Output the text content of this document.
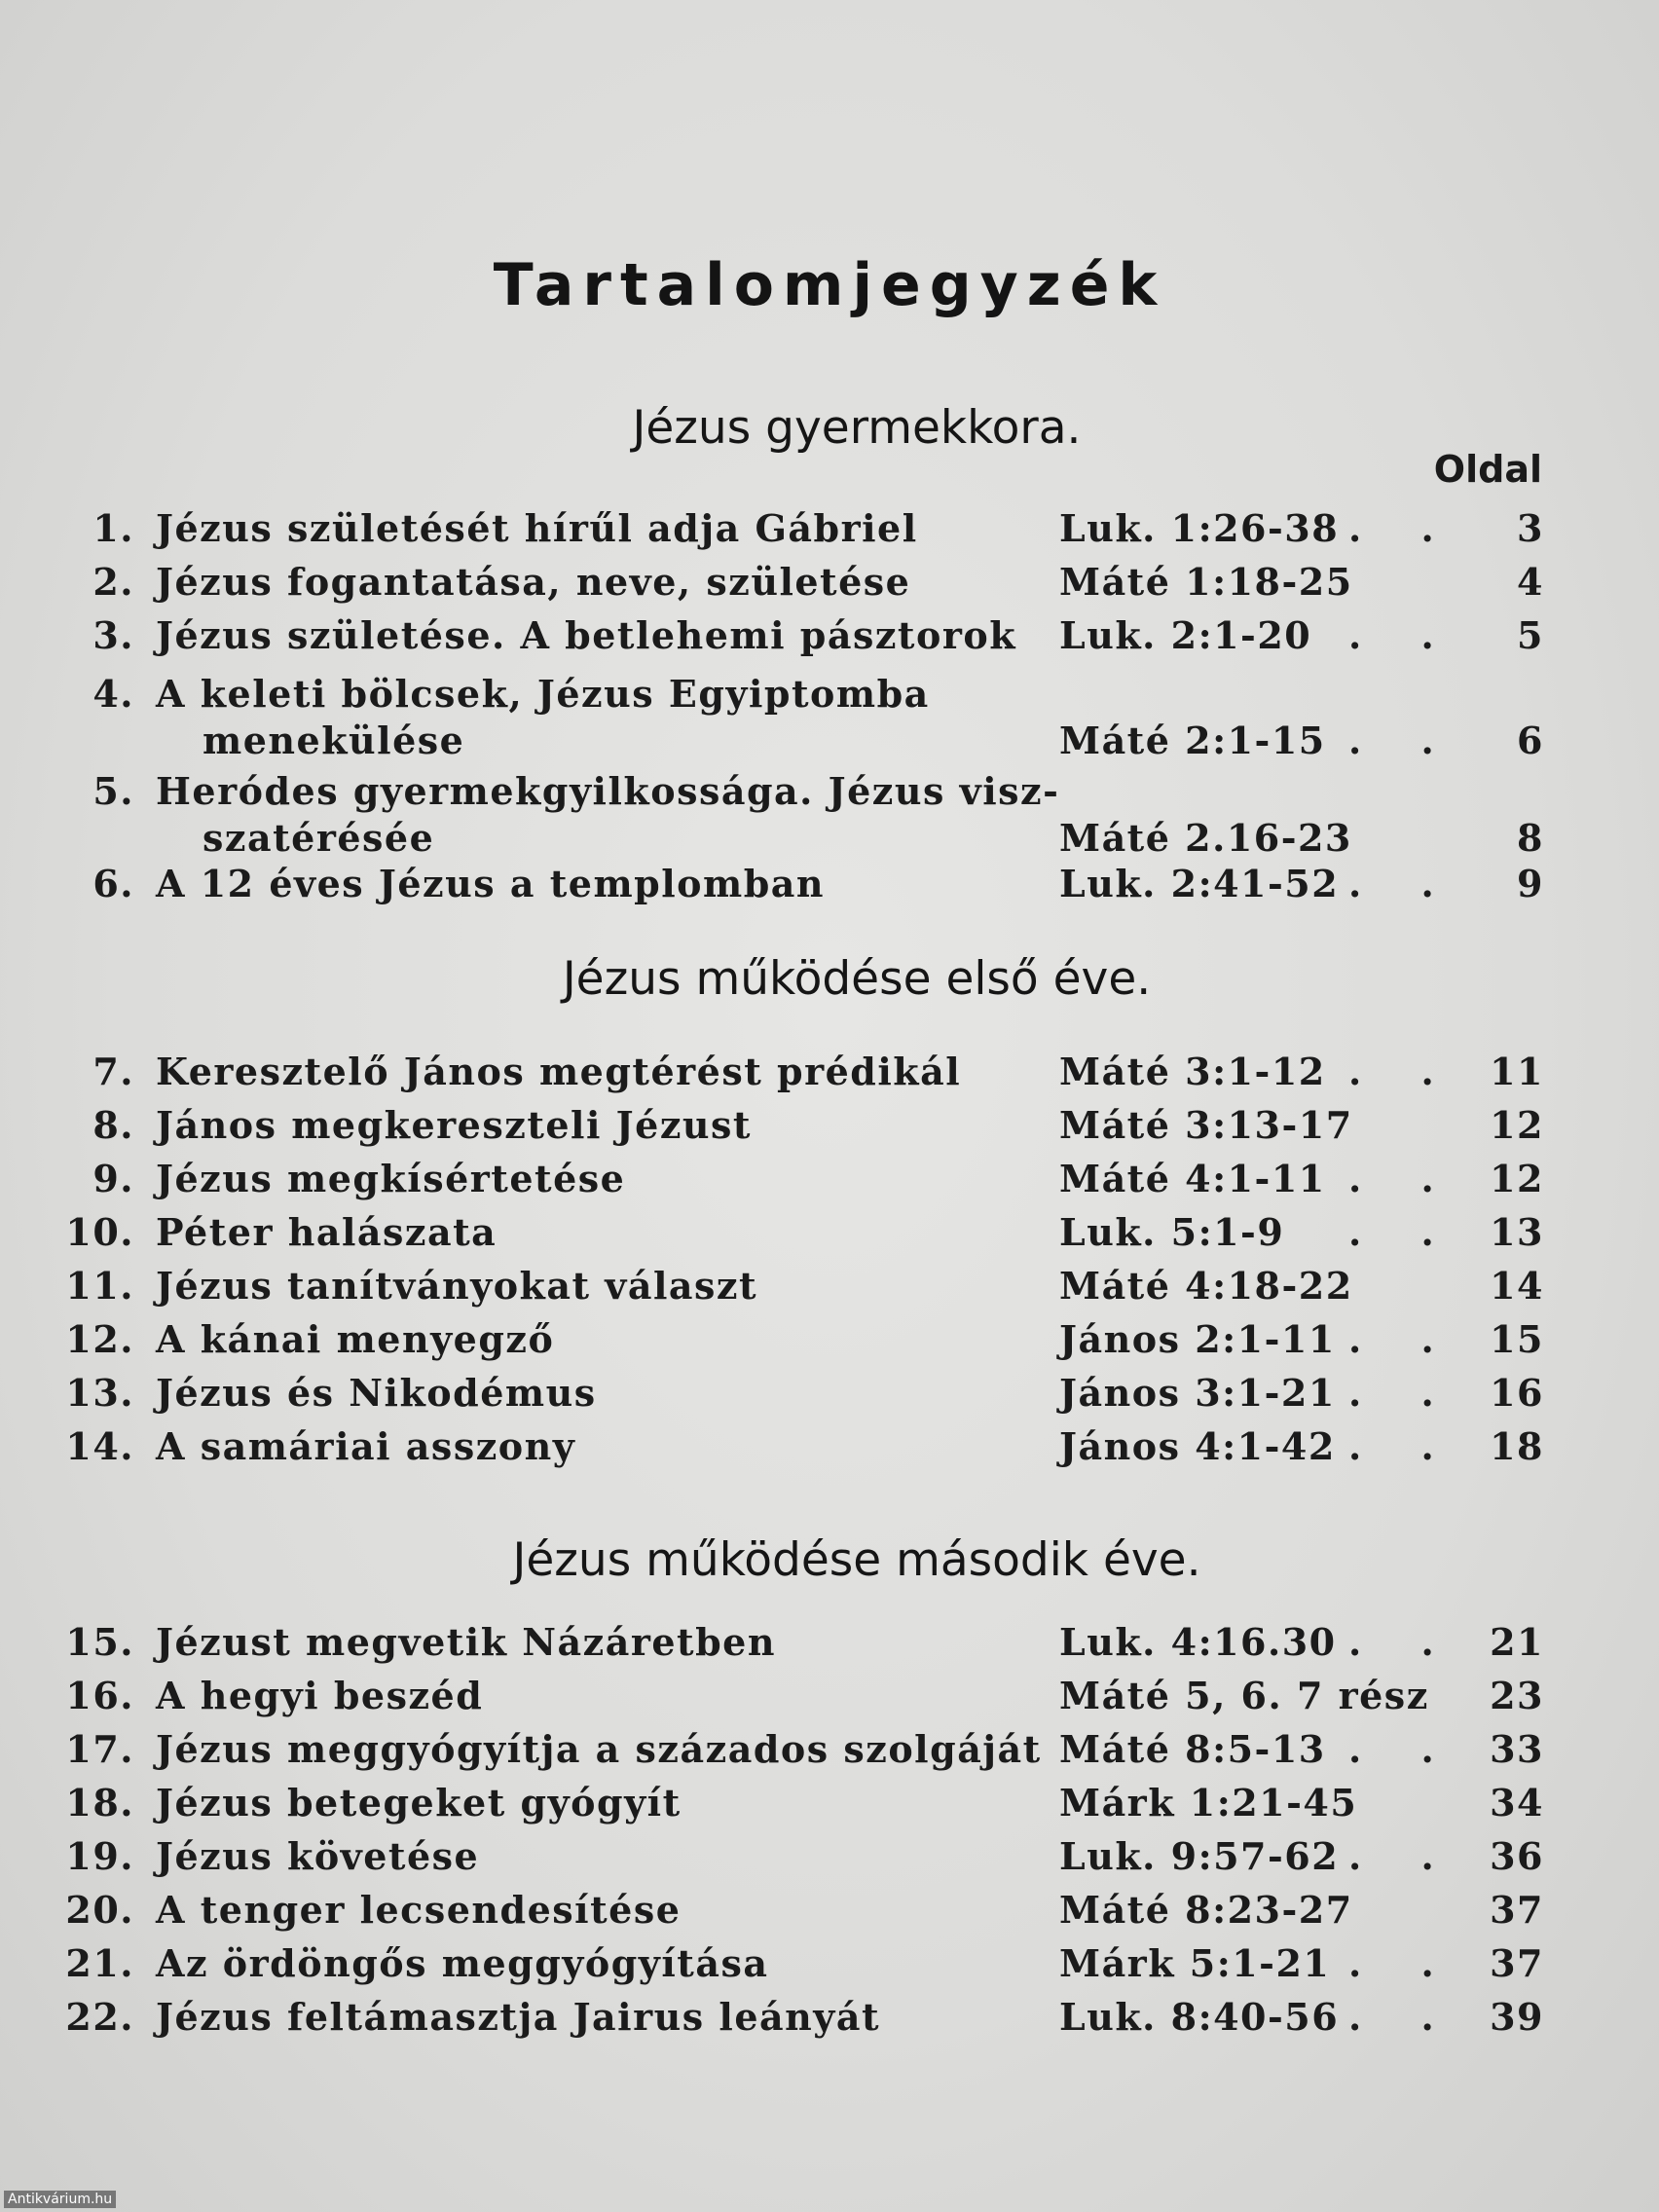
Tartalomjegyzék
Oldal
Jézus gyermekkora.
1. Jézus születését hírűl adja Gábriel	Luk. 1:26-38 . . 3
2. Jézus fogantatása, neve, születése	Máté 1:18-25	4
3. Jézus születése. A betlehemi pásztorok Luk. 2:1-20 . . 5
4. A keleti bölcsek, Jézus Egyiptomba
menekülése	Máté 2:1-15 . . 6
5. Heródes gyermekgyilkossága. Jézus visz-
szatérésée	Máté 2.16-23	8
6. A 12 éves Jézus a templomban	Luk. 2:41-52 . . 9
Jézus működése első éve.
7. Keresztelő János megtérést prédikál	Máté 3:1-12 . . 11
8. János megkereszteli Jézust	Máté 3:13-17	12
9. Jézus megkísértetése	Máté 4:1-11 . . 12
10. Péter halászata	Luk. 5:1-9 . . 13
11. Jézus tanítványokat választ	Máté 4:18-22	14
12. A kánai menyegző	János 2:1-11 . . 15
13. Jézus és Nikodémus	János 3:1-21 . . 16
14. A samáriai asszony	János 4:1-42 . . 18
Jézus működése második éve.
15. Jézust megvetik Názáretben	Luk. 4:16.30 . . 21
16. A hegyi beszéd	Máté 5, 6. 7 rész 23
17. Jézus meggyógyítja a százados szolgáját Máté 8:5-13 . . 33
18. Jézus betegeket gyógyít	Márk 1:21-45	34
19. Jézus követése	Luk. 9:57-62 . . 36
20. A tenger lecsendesítése	Máté 8:23-27	37
21. Az ördöngős meggyógyítása	Márk 5:1-21 . . 37
22. Jézus feltámasztja Jairus leányát	Luk. 8:40-56 . . 39
Antikvárium.hu
